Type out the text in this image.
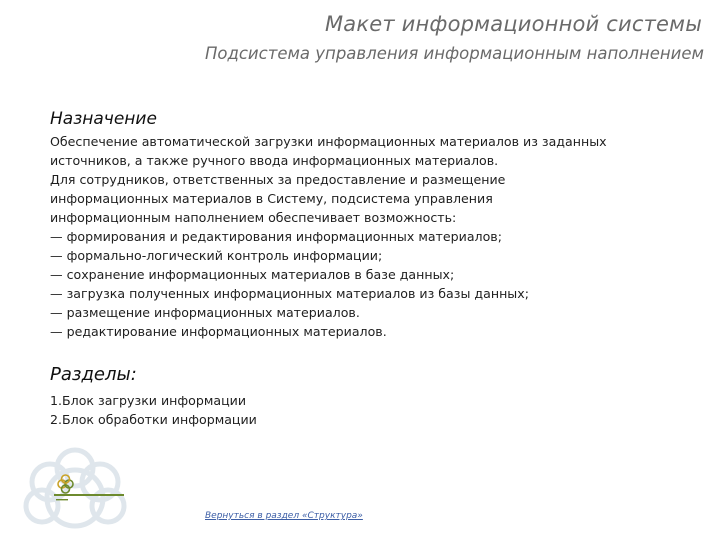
Макет информационной системы
Подсистема управления информационным наполнением
Назначение
Обеспечение автоматической загрузки информационных материалов из заданных
источников, а также ручного ввода информационных материалов.
Для сотрудников, ответственных за предоставление и размещение
информационных материалов в Систему, подсистема управления
информационным наполнением обеспечивает возможность:
— формирования и редактирования информационных материалов;
— формально-логический контроль информации;
— сохранение информационных материалов в базе данных;
— загрузка полученных информационных материалов из базы данных;
— размещение информационных материалов.
— редактирование информационных материалов.
Разделы:
1.Блок загрузки информации
2.Блок обработки информации
Вернуться в раздел «Структура»
